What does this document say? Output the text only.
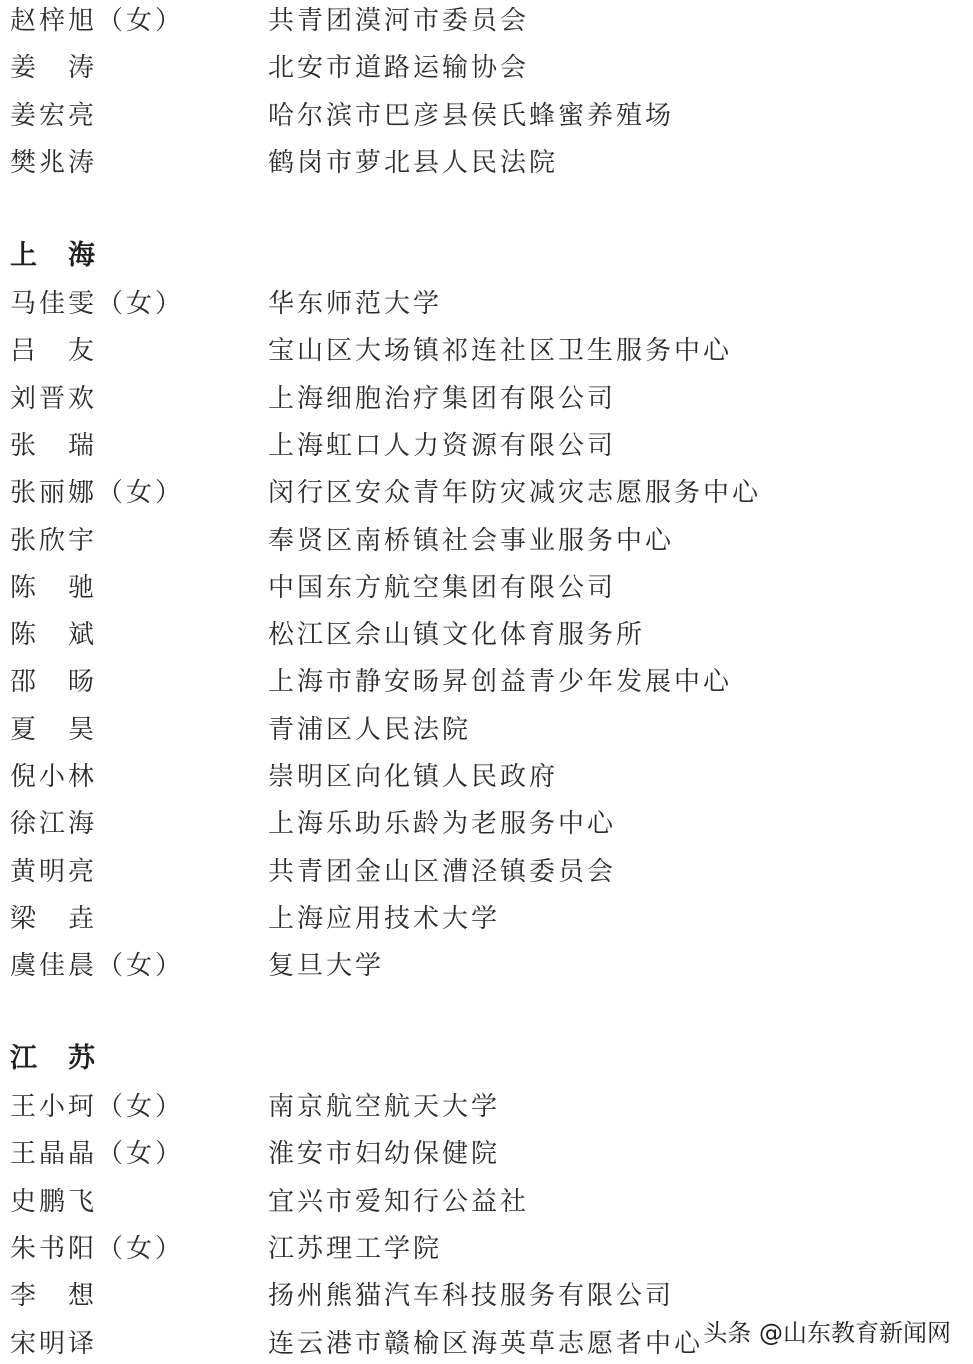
赵梓旭（女）	共青团漠河市委员会
姜　涛	北安市道路运输协会
姜宏亮	哈尔滨市巴彦县侯氏蜂蜜养殖场
樊兆涛	鹤岗市萝北县人民法院
上　海
马佳雯（女）	华东师范大学
吕　友	宝山区大场镇祁连社区卫生服务中心
刘晋欢	上海细胞治疗集团有限公司
张　瑞	上海虹口人力资源有限公司
张丽娜（女）	闵行区安众青年防灾减灾志愿服务中心
张欣宇	奉贤区南桥镇社会事业服务中心
陈　驰	中国东方航空集团有限公司
陈　斌	松江区佘山镇文化体育服务所
邵　旸	上海市静安旸昇创益青少年发展中心
夏　昊	青浦区人民法院
倪小林	崇明区向化镇人民政府
徐江海	上海乐助乐龄为老服务中心
黄明亮	共青团金山区漕泾镇委员会
梁　垚	上海应用技术大学
虞佳晨（女）	复旦大学
江　苏
王小珂（女）	南京航空航天大学
王晶晶（女）	淮安市妇幼保健院
史鹏飞	宜兴市爱知行公益社
朱书阳（女）	江苏理工学院
李　想	扬州熊猫汽车科技服务有限公司
宋明译	连云港市赣榆区海英草志愿者中心 头条 @山东教育新闻网
